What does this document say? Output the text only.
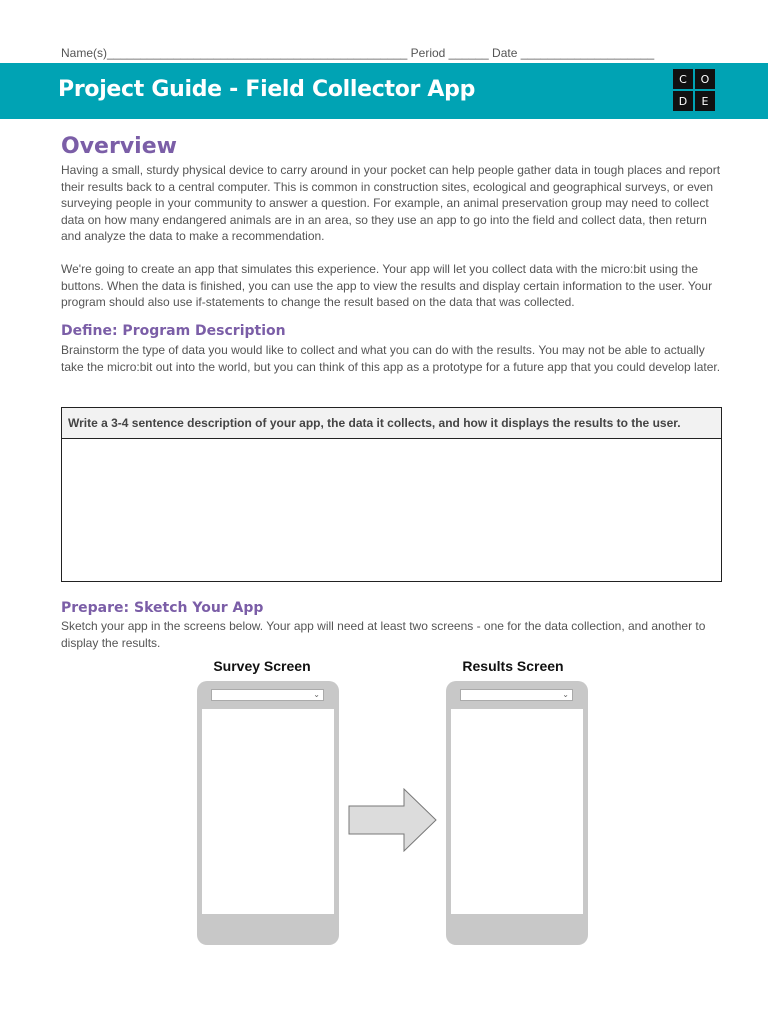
Name(s)_____________________________________________ Period ______ Date ____________________
Project Guide - Field Collector App	C	O
D	E
Overview

Having a small, sturdy physical device to carry around in your pocket can help people gather data in tough places and report their results back to a central computer. This is common in construction sites, ecological and geographical surveys, or even surveying people in your community to answer a question. For example, an animal preservation group may need to collect data on how many endangered animals are in an area, so they use an app to go into the field and collect data, then return and analyze the data to make a recommendation.

We're going to create an app that simulates this experience. Your app will let you collect data with the micro:bit using the buttons. When the data is finished, you can use the app to view the results and display certain information to the user. Your program should also use if-statements to change the result based on the data that was collected.

Define: Program Description

Brainstorm the type of data you would like to collect and what you can do with the results. You may not be able to actually take the micro:bit out into the world, but you can think of this app as a prototype for a future app that you could develop later.

Write a 3-4 sentence description of your app, the data it collects, and how it displays the results to the user.
Prepare: Sketch Your App

Sketch your app in the screens below. Your app will need at least two screens - one for the data collection, and another to display the results.

Survey Screen	Results Screen
⌄	⌄
